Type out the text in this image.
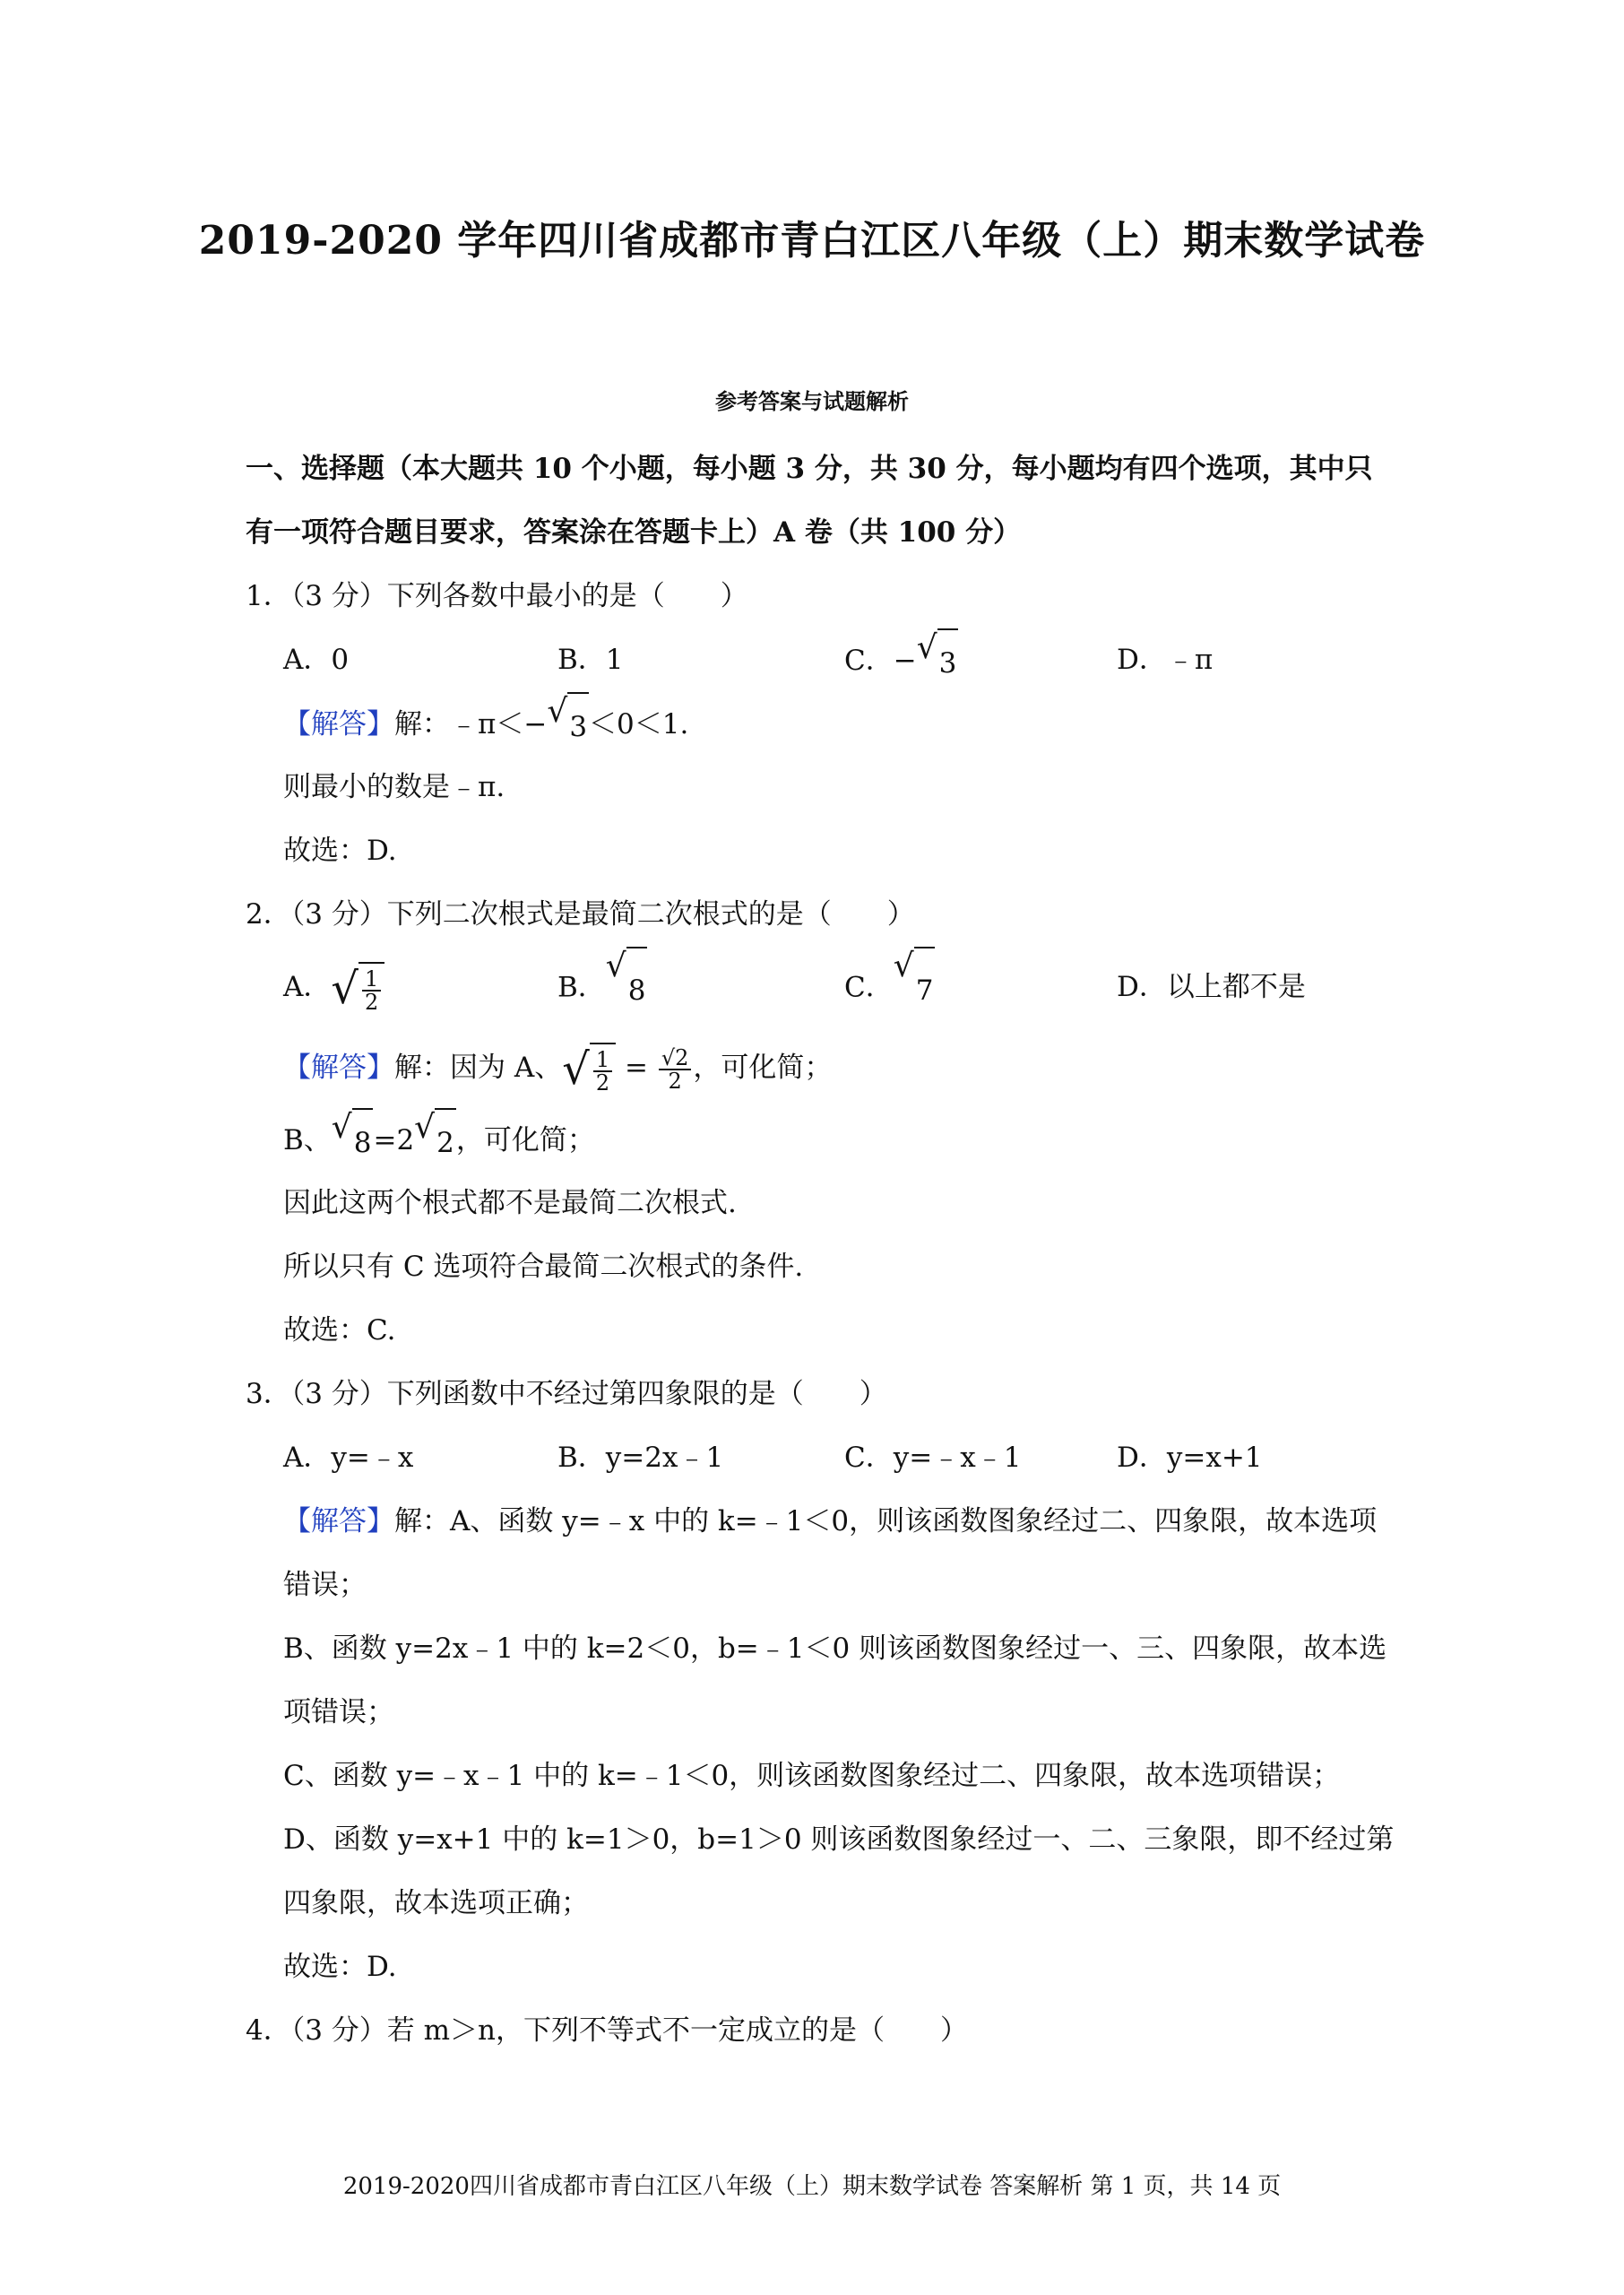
2019-2020 学年四川省成都市青白江区八年级（上）期末数学试卷
参考答案与试题解析
一、选择题（本大题共 10 个小题，每小题 3 分，共 30 分，每小题均有四个选项，其中只
有一项符合题目要求，答案涂在答题卡上）A 卷（共 100 分）
1．（3 分）下列各数中最小的是（　　）
A．0	B．1	C．− √ 3	D．﹣π
【解答】解：﹣π＜− √ 3 ＜0＜1.
则最小的数是﹣π.
故选：D.
2．（3 分）下列二次根式是最简二次根式的是（　　）
A． √ $\frac{1}{2}$	B．
√
8	C．
√
7	D．以上都不是
【解答】解：因为 A、 √ $\frac{1}{2} = \frac{√2}{2}$ ，可化简；
B、 √ 8 =2 √ 2 ，可化简；
因此这两个根式都不是最简二次根式.
所以只有 C 选项符合最简二次根式的条件.
故选：C.
3．（3 分）下列函数中不经过第四象限的是（　　）
A．y=﹣x	B．y=2x﹣1	C．y=﹣x﹣1	D．y=x+1
【解答】解：A、函数 y=﹣x 中的 k=﹣1＜0，则该函数图象经过二、四象限，故本选项
错误；
B、函数 y=2x﹣1 中的 k=2＜0，b=﹣1＜0 则该函数图象经过一、三、四象限，故本选
项错误；
C、函数 y=﹣x﹣1 中的 k=﹣1＜0，则该函数图象经过二、四象限，故本选项错误；
D、函数 y=x+1 中的 k=1＞0，b=1＞0 则该函数图象经过一、二、三象限，即不经过第
四象限，故本选项正确；
故选：D.
4．（3 分）若 m＞n，下列不等式不一定成立的是（　　）
2019-2020四川省成都市青白江区八年级（上）期末数学试卷 答案解析 第 1 页，共 14 页
